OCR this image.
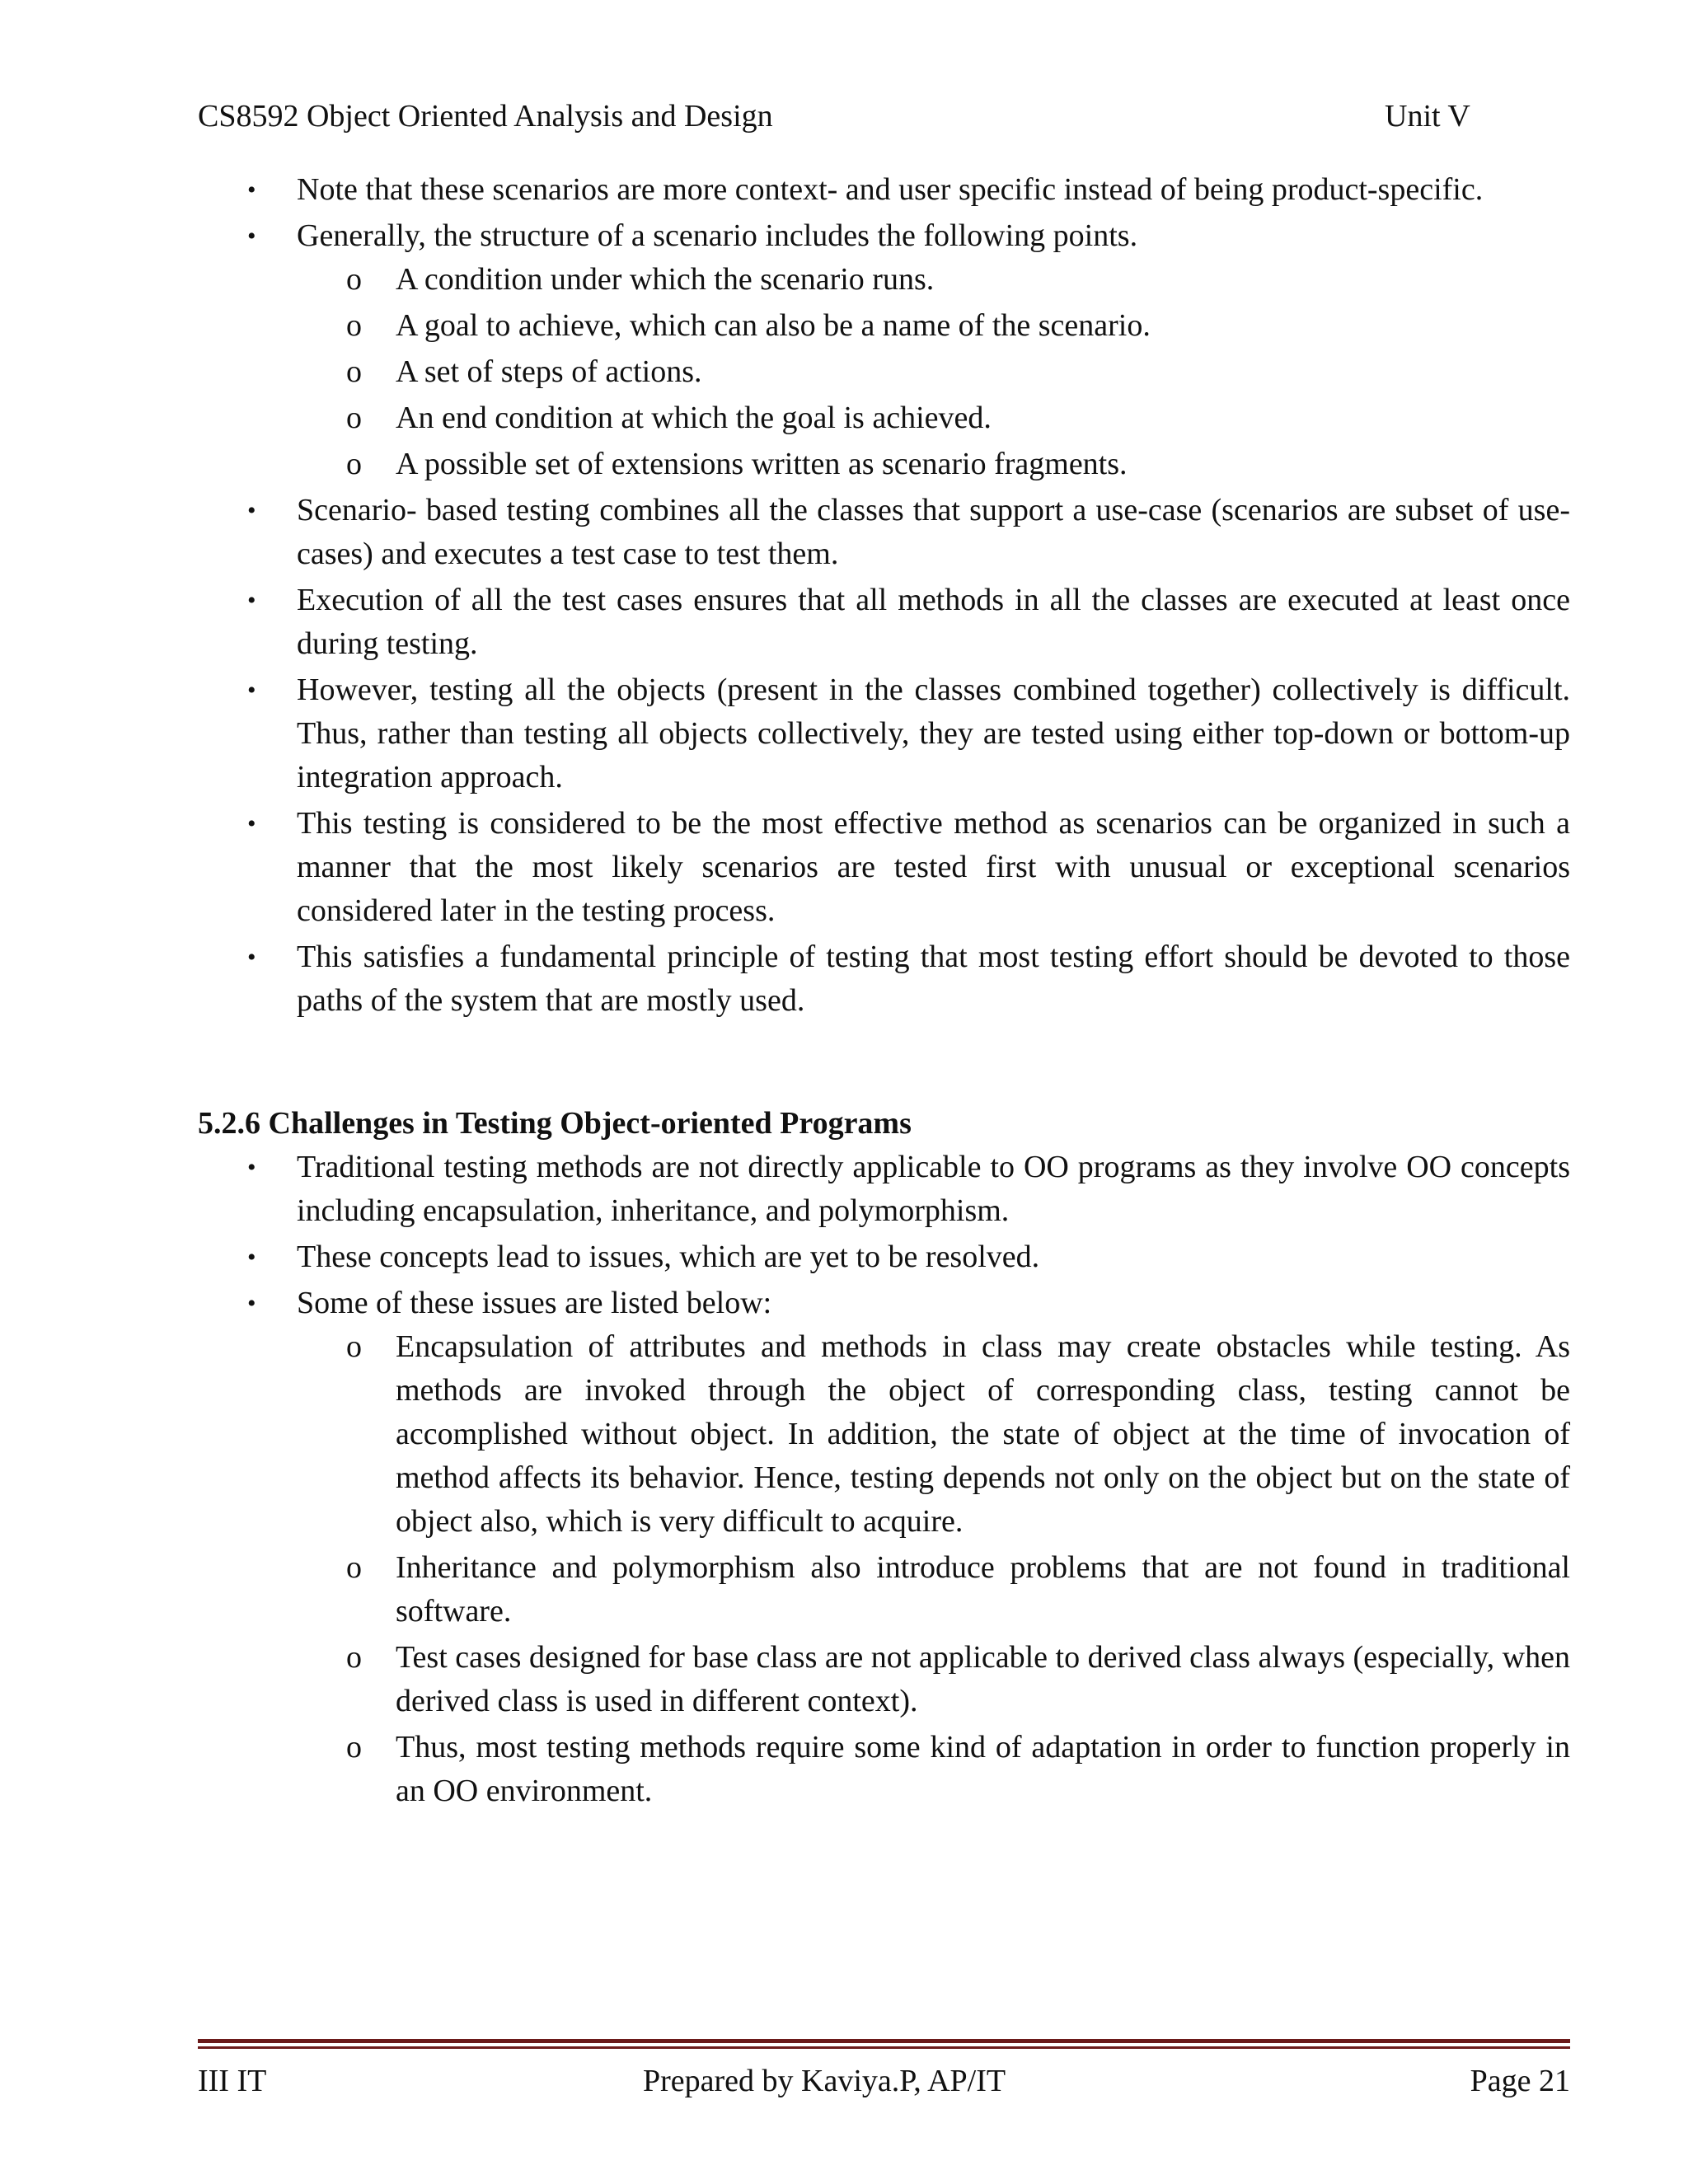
CS8592 Object Oriented Analysis and Design	Unit V
• Note that these scenarios are more context- and user specific instead of being product-specific.
• Generally, the structure of a scenario includes the following points.
o A condition under which the scenario runs.
o A goal to achieve, which can also be a name of the scenario.
o A set of steps of actions.
o An end condition at which the goal is achieved.
o A possible set of extensions written as scenario fragments.
• Scenario- based testing combines all the classes that support a use-case (scenarios are subset of use-cases) and executes a test case to test them.
• Execution of all the test cases ensures that all methods in all the classes are executed at least once during testing.
• However, testing all the objects (present in the classes combined together) collectively is difficult. Thus, rather than testing all objects collectively, they are tested using either top-down or bottom-up integration approach.
• This testing is considered to be the most effective method as scenarios can be organized in such a manner that the most likely scenarios are tested first with unusual or exceptional scenarios considered later in the testing process.
• This satisfies a fundamental principle of testing that most testing effort should be devoted to those paths of the system that are mostly used.
5.2.6 Challenges in Testing Object-oriented Programs
• Traditional testing methods are not directly applicable to OO programs as they involve OO concepts including encapsulation, inheritance, and polymorphism.
• These concepts lead to issues, which are yet to be resolved.
• Some of these issues are listed below:
o Encapsulation of attributes and methods in class may create obstacles while testing. As methods are invoked through the object of corresponding class, testing cannot be accomplished without object. In addition, the state of object at the time of invocation of method affects its behavior. Hence, testing depends not only on the object but on the state of object also, which is very difficult to acquire.
o Inheritance and polymorphism also introduce problems that are not found in traditional software.
o Test cases designed for base class are not applicable to derived class always (especially, when derived class is used in different context).
o Thus, most testing methods require some kind of adaptation in order to function properly in an OO environment.
III IT	Prepared by Kaviya.P, AP/IT	Page 21
